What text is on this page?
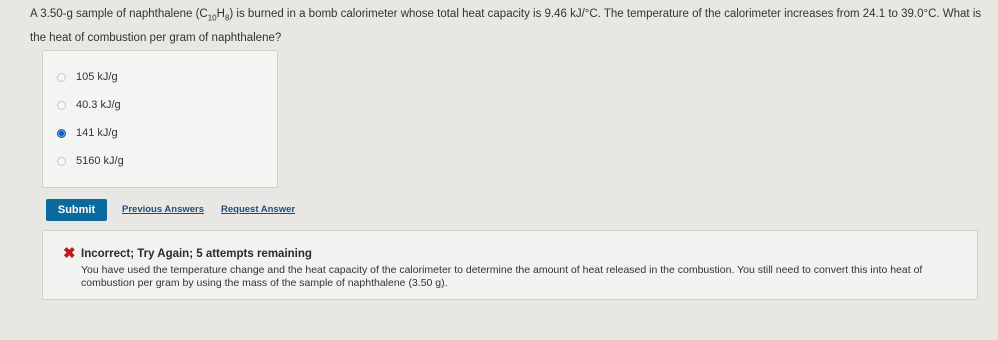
A 3.50-g sample of naphthalene $(C_{10}H_8)$ is burned in a bomb calorimeter whose total heat capacity is 9.46 kJ/°C. The temperature of the calorimeter increases from 24.1 to 39.0°C. What is the heat of combustion per gram of naphthalene?
105 kJ/g
40.3 kJ/g
141 kJ/g
5160 kJ/g
Submit	Previous Answers Request Answer
✖ Incorrect; Try Again; 5 attempts remaining
You have used the temperature change and the heat capacity of the calorimeter to determine the amount of heat released in the combustion. You still need to convert this into heat of combustion per gram by using the mass of the sample of naphthalene (3.50 g).
